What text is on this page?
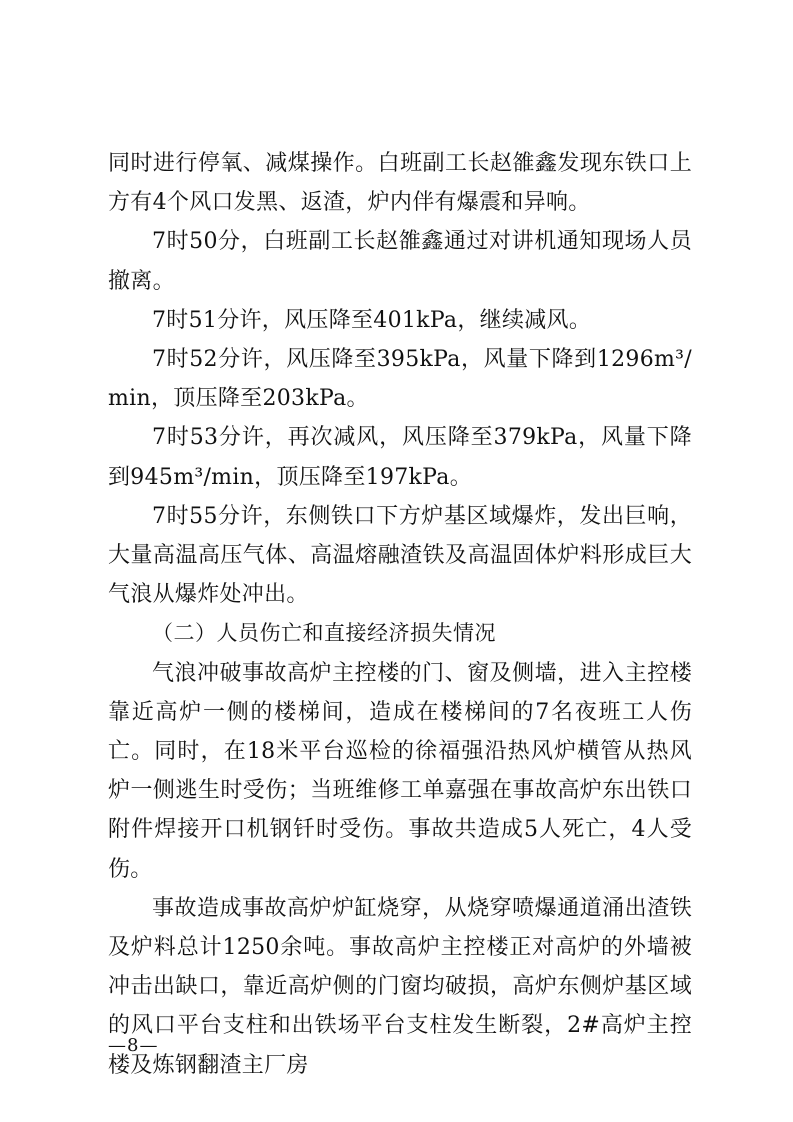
同时进行停氧、减煤操作。白班副工长赵雒鑫发现东铁口上方有4个风口发黑、返渣，炉内伴有爆震和异响。

7时50分，白班副工长赵雒鑫通过对讲机通知现场人员撤离。

7时51分许，风压降至401kPa，继续减风。

7时52分许，风压降至395kPa，风量下降到1296m³/min，顶压降至203kPa。

7时53分许，再次减风，风压降至379kPa，风量下降到945m³/min，顶压降至197kPa。

7时55分许，东侧铁口下方炉基区域爆炸，发出巨响，大量高温高压气体、高温熔融渣铁及高温固体炉料形成巨大气浪从爆炸处冲出。

（二）人员伤亡和直接经济损失情况

气浪冲破事故高炉主控楼的门、窗及侧墙，进入主控楼靠近高炉一侧的楼梯间，造成在楼梯间的7名夜班工人伤亡。同时，在18米平台巡检的徐福强沿热风炉横管从热风炉一侧逃生时受伤；当班维修工单嘉强在事故高炉东出铁口附件焊接开口机钢钎时受伤。事故共造成5人死亡，4人受伤。

事故造成事故高炉炉缸烧穿，从烧穿喷爆通道涌出渣铁及炉料总计1250余吨。事故高炉主控楼正对高炉的外墙被冲击出缺口，靠近高炉侧的门窗均破损，高炉东侧炉基区域的风口平台支柱和出铁场平台支柱发生断裂，2#高炉主控楼及炼钢翻渣主厂房

—8—
